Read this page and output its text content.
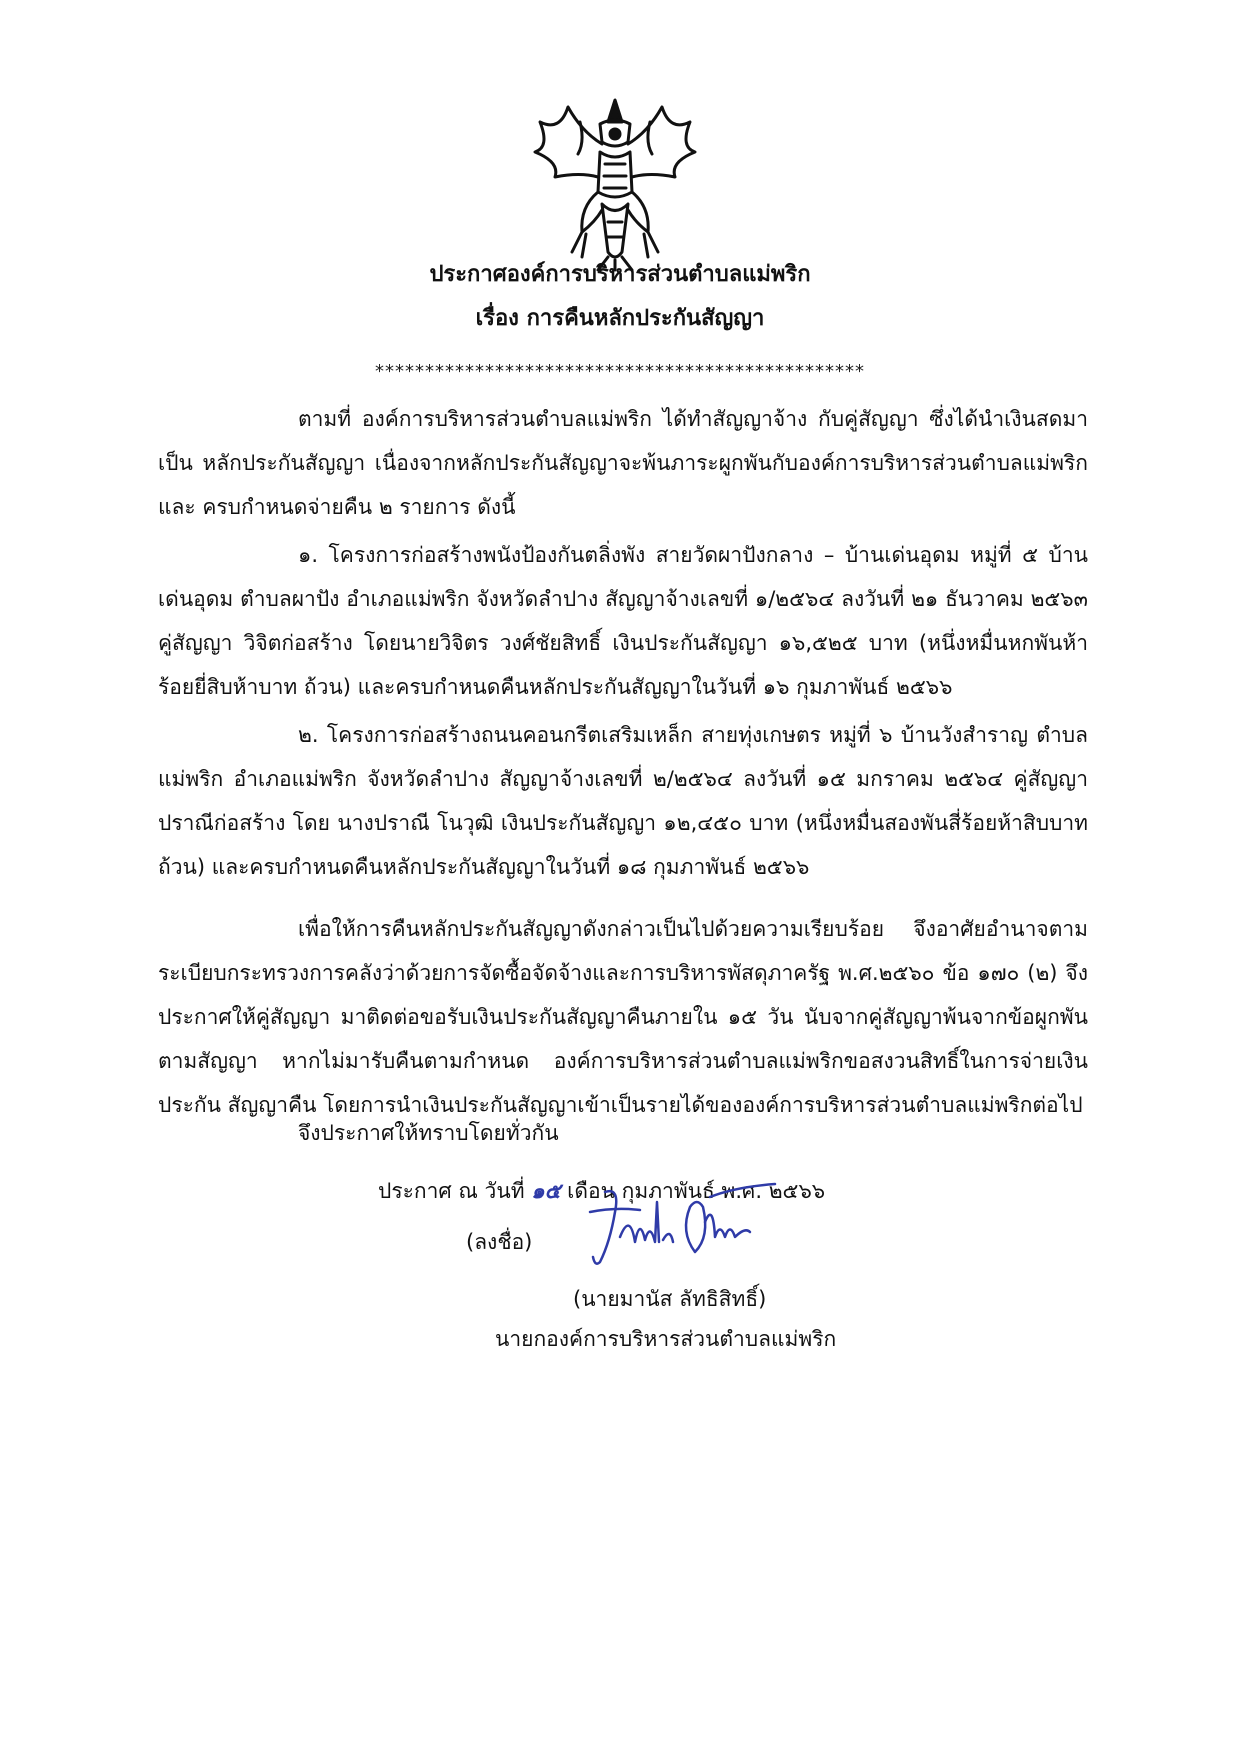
ประกาศองค์การบริหารส่วนตำบลแม่พริก
เรื่อง การคืนหลักประกันสัญญา
*************************************************

ตามที่ องค์การบริหารส่วนตำบลแม่พริก ได้ทำสัญญาจ้าง กับคู่สัญญา ซึ่งได้นำเงินสดมาเป็น หลักประกันสัญญา เนื่องจากหลักประกันสัญญาจะพ้นภาระผูกพันกับองค์การบริหารส่วนตำบลแม่พริก และ ครบกำหนดจ่ายคืน ๒ รายการ ดังนี้

๑. โครงการก่อสร้างพนังป้องกันตลิ่งพัง สายวัดผาปังกลาง – บ้านเด่นอุดม หมู่ที่ ๕ บ้านเด่นอุดม ตำบลผาปัง อำเภอแม่พริก จังหวัดลำปาง สัญญาจ้างเลขที่ ๑/๒๕๖๔ ลงวันที่ ๒๑ ธันวาคม ๒๕๖๓ คู่สัญญา วิจิตก่อสร้าง โดยนายวิจิตร วงศ์ชัยสิทธิ์ เงินประกันสัญญา ๑๖,๕๒๕ บาท (หนึ่งหมื่นหกพันห้าร้อยยี่สิบห้าบาท ถ้วน) และครบกำหนดคืนหลักประกันสัญญาในวันที่ ๑๖ กุมภาพันธ์ ๒๕๖๖

๒. โครงการก่อสร้างถนนคอนกรีตเสริมเหล็ก สายทุ่งเกษตร หมู่ที่ ๖ บ้านวังสำราญ ตำบล แม่พริก อำเภอแม่พริก จังหวัดลำปาง สัญญาจ้างเลขที่ ๒/๒๕๖๔ ลงวันที่ ๑๕ มกราคม ๒๕๖๔ คู่สัญญา ปราณีก่อสร้าง โดย นางปราณี โนวุฒิ เงินประกันสัญญา ๑๒,๔๕๐ บาท (หนึ่งหมื่นสองพันสี่ร้อยห้าสิบบาทถ้วน) และครบกำหนดคืนหลักประกันสัญญาในวันที่ ๑๘ กุมภาพันธ์ ๒๕๖๖

เพื่อให้การคืนหลักประกันสัญญาดังกล่าวเป็นไปด้วยความเรียบร้อย จึงอาศัยอำนาจตาม ระเบียบกระทรวงการคลังว่าด้วยการจัดซื้อจัดจ้างและการบริหารพัสดุภาครัฐ พ.ศ.๒๕๖๐ ข้อ ๑๗๐ (๒) จึงประกาศให้คู่สัญญา มาติดต่อขอรับเงินประกันสัญญาคืนภายใน ๑๕ วัน นับจากคู่สัญญาพ้นจากข้อผูกพัน ตามสัญญา หากไม่มารับคืนตามกำหนด องค์การบริหารส่วนตำบลแม่พริกขอสงวนสิทธิ์ในการจ่ายเงินประกัน สัญญาคืน โดยการนำเงินประกันสัญญาเข้าเป็นรายได้ขององค์การบริหารส่วนตำบลแม่พริกต่อไป

จึงประกาศให้ทราบโดยทั่วกัน
ประกาศ ณ วันที่ ๑๕ เดือน กุมภาพันธ์ พ.ศ. ๒๕๖๖
(ลงชื่อ)
(นายมานัส ลัทธิสิทธิ์)
นายกองค์การบริหารส่วนตำบลแม่พริก
